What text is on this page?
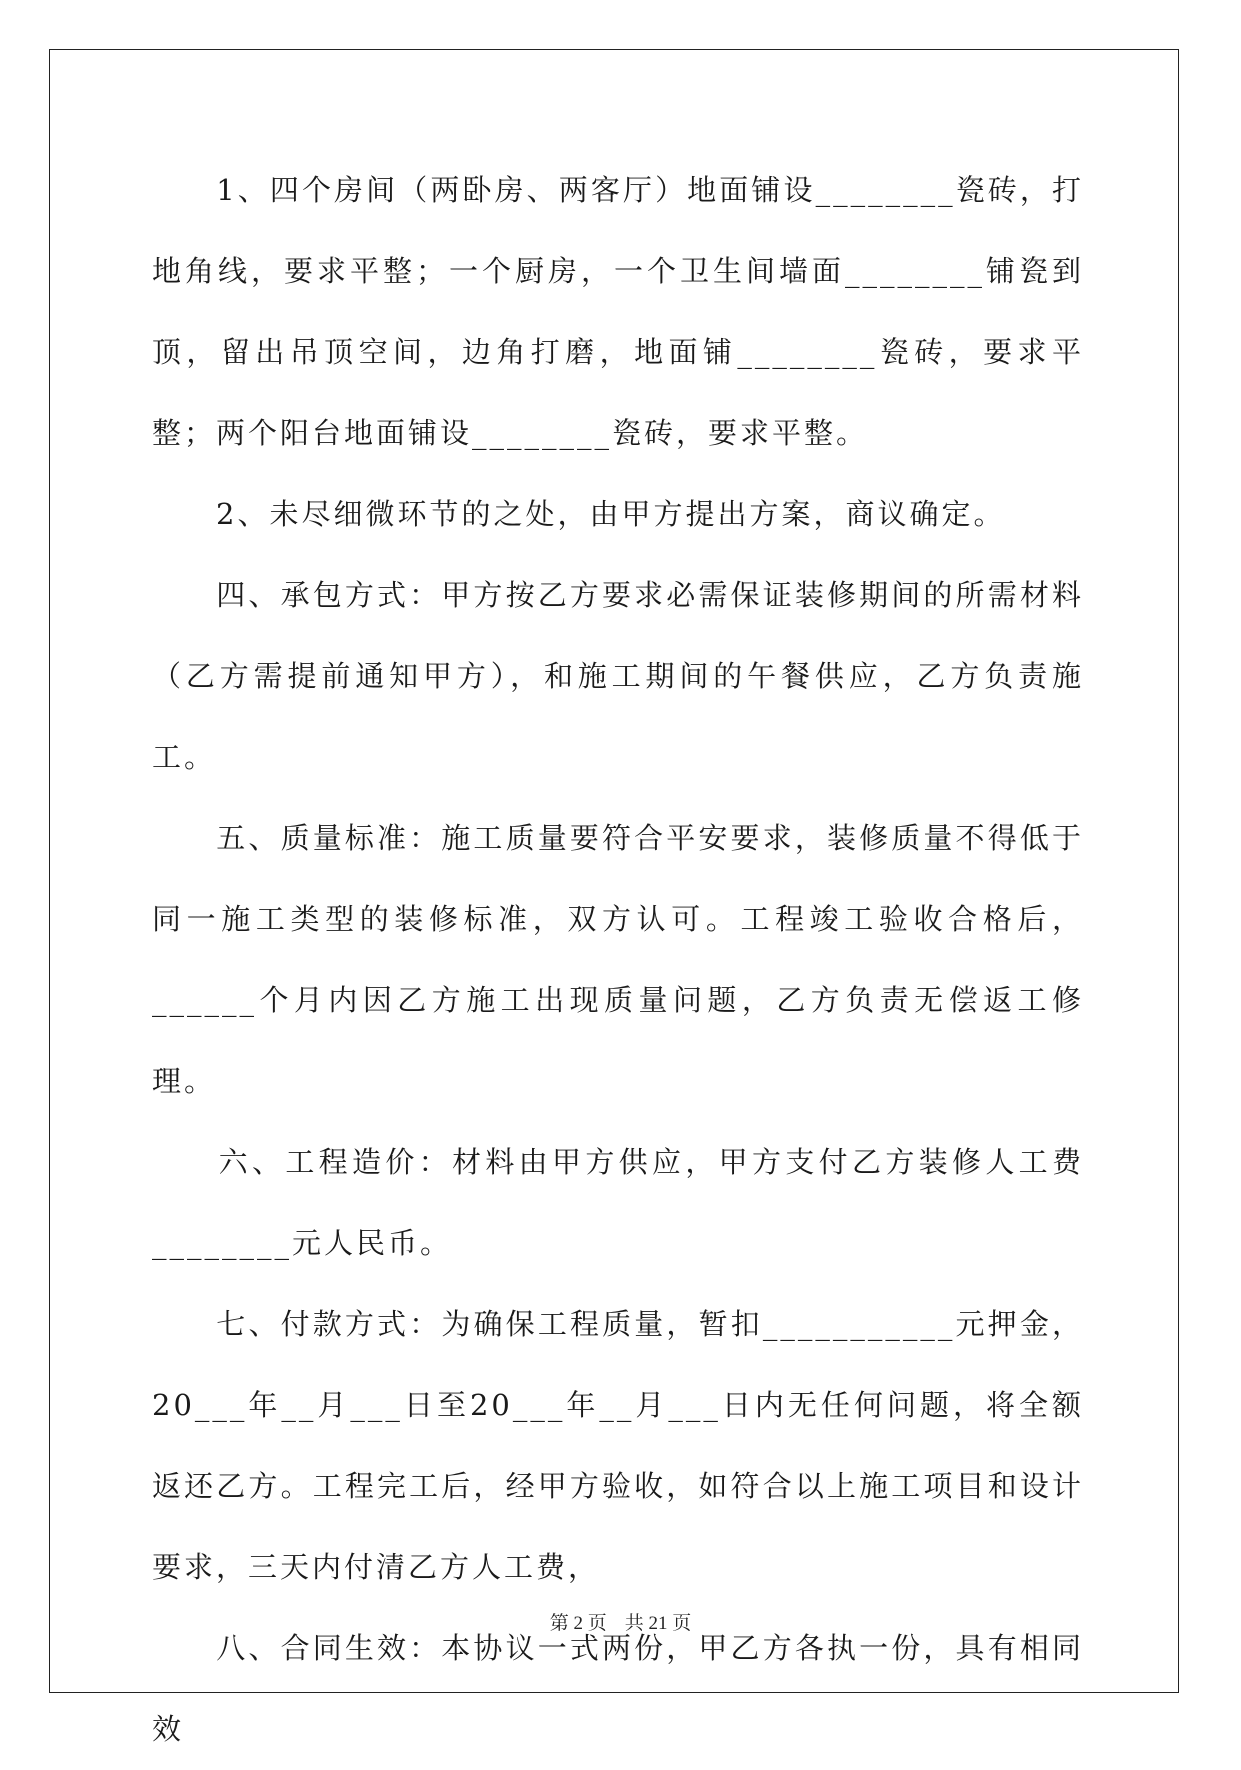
　　1、四个房间（两卧房、两客厅）地面铺设________瓷砖，打地角线，要求平整；一个厨房，一个卫生间墙面________铺瓷到顶，留出吊顶空间，边角打磨，地面铺________瓷砖，要求平整；两个阳台地面铺设________瓷砖，要求平整。

　　2、未尽细微环节的之处，由甲方提出方案，商议确定。

　　四、承包方式：甲方按乙方要求必需保证装修期间的所需材料（乙方需提前通知甲方），和施工期间的午餐供应，乙方负责施工。

　　五、质量标准：施工质量要符合平安要求，装修质量不得低于同一施工类型的装修标准，双方认可。工程竣工验收合格后，______个月内因乙方施工出现质量问题，乙方负责无偿返工修理。

　　六、工程造价：材料由甲方供应，甲方支付乙方装修人工费________元人民币。

　　七、付款方式：为确保工程质量，暂扣___________元押金，20___年__月___日至20___年__月___日内无任何问题，将全额返还乙方。工程完工后，经甲方验收，如符合以上施工项目和设计要求，三天内付清乙方人工费，

　　八、合同生效：本协议一式两份，甲乙方各执一份，具有相同效

第 2 页 共 21 页
